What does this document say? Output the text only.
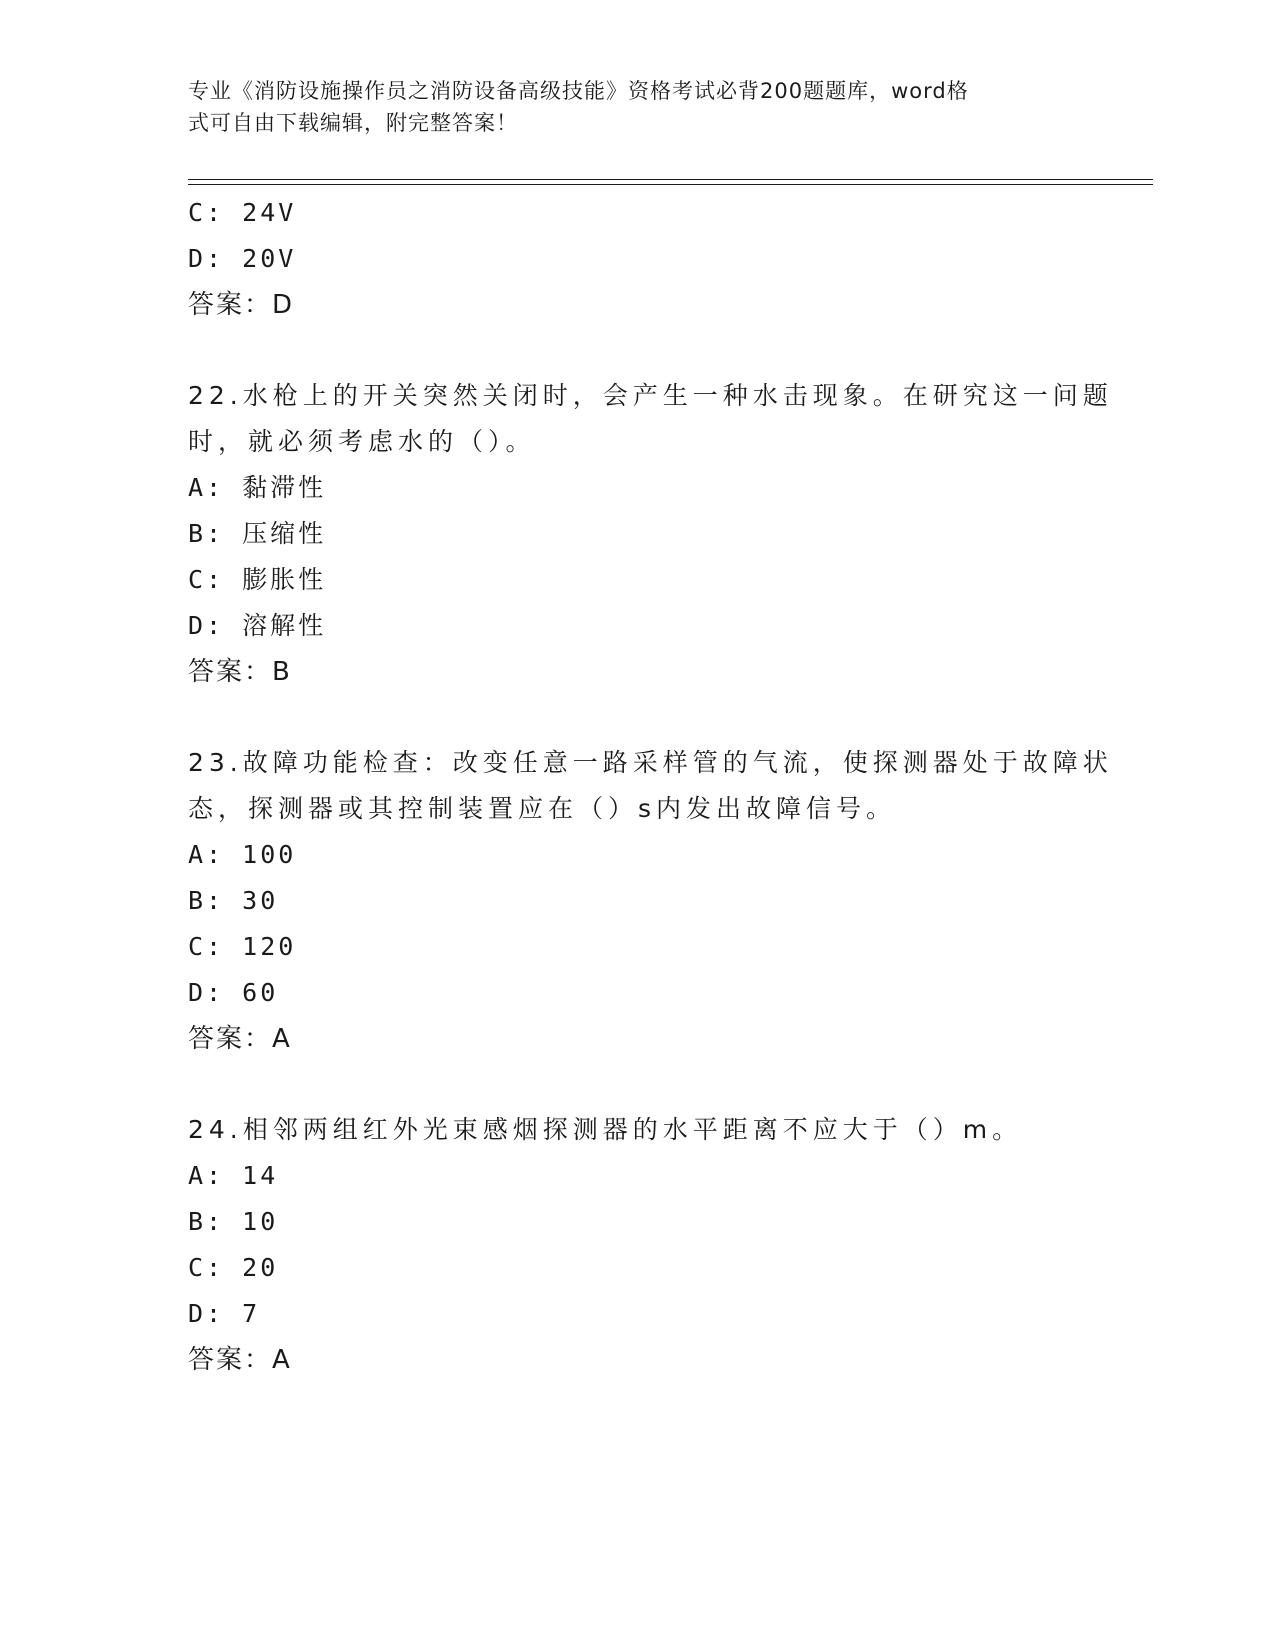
专业《消防设施操作员之消防设备高级技能》资格考试必背200题题库，word格
式可自由下载编辑，附完整答案！
C: 24V
D: 20V
答案：D
22.水枪上的开关突然关闭时，会产生一种水击现象。在研究这一问题
时，就必须考虑水的（）。
A: 黏滞性
B: 压缩性
C: 膨胀性
D: 溶解性
答案：B
23.故障功能检查：改变任意一路采样管的气流，使探测器处于故障状
态，探测器或其控制装置应在（）s内发出故障信号。
A: 100
B: 30
C: 120
D: 60
答案：A
24.相邻两组红外光束感烟探测器的水平距离不应大于（）m。
A: 14
B: 10
C: 20
D: 7
答案：A
